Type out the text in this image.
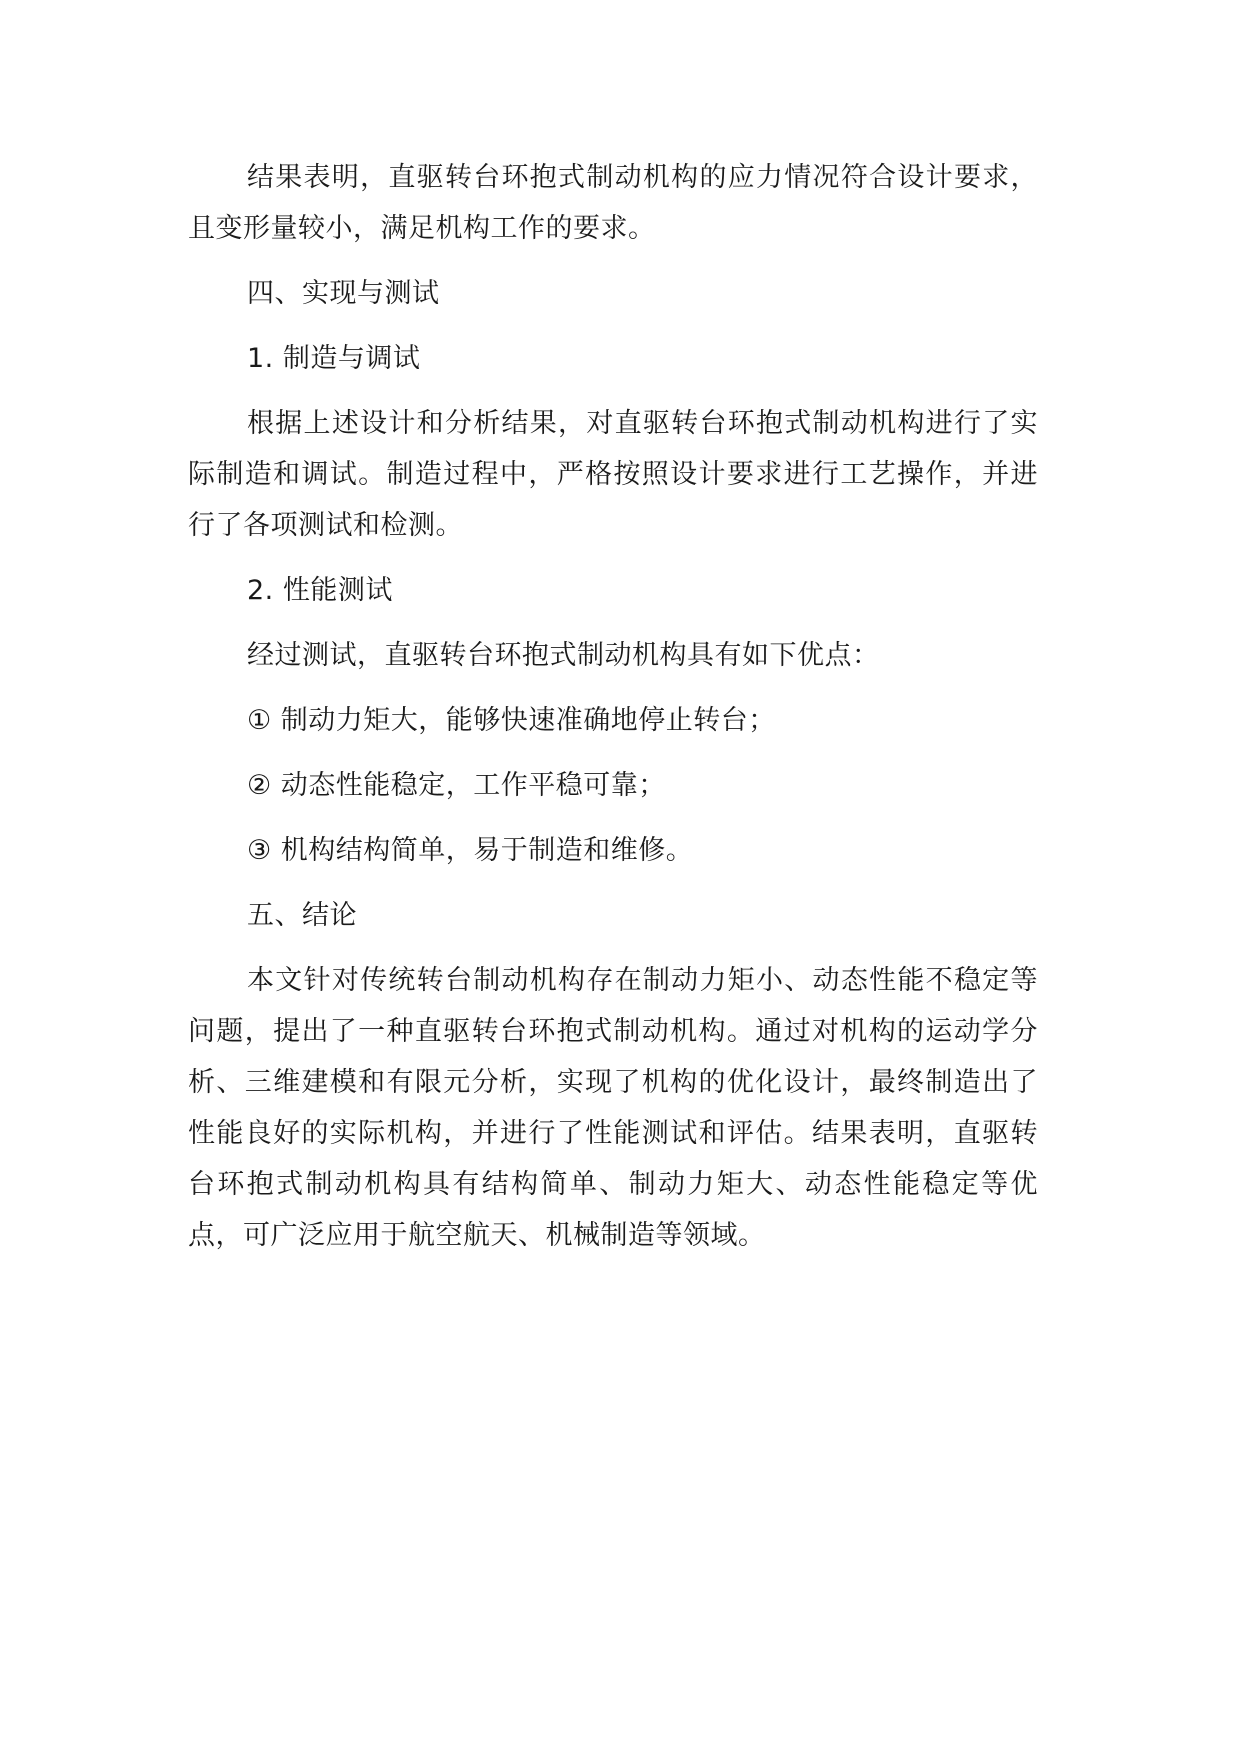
结果表明，直驱转台环抱式制动机构的应力情况符合设计要求，且变形量较小，满足机构工作的要求。

四、实现与测试

1. 制造与调试

根据上述设计和分析结果，对直驱转台环抱式制动机构进行了实际制造和调试。制造过程中，严格按照设计要求进行工艺操作，并进行了各项测试和检测。

2. 性能测试

经过测试，直驱转台环抱式制动机构具有如下优点：

① 制动力矩大，能够快速准确地停止转台；

② 动态性能稳定，工作平稳可靠；

③ 机构结构简单，易于制造和维修。

五、结论

本文针对传统转台制动机构存在制动力矩小、动态性能不稳定等问题，提出了一种直驱转台环抱式制动机构。通过对机构的运动学分析、三维建模和有限元分析，实现了机构的优化设计，最终制造出了性能良好的实际机构，并进行了性能测试和评估。结果表明，直驱转台环抱式制动机构具有结构简单、制动力矩大、动态性能稳定等优点，可广泛应用于航空航天、机械制造等领域。
